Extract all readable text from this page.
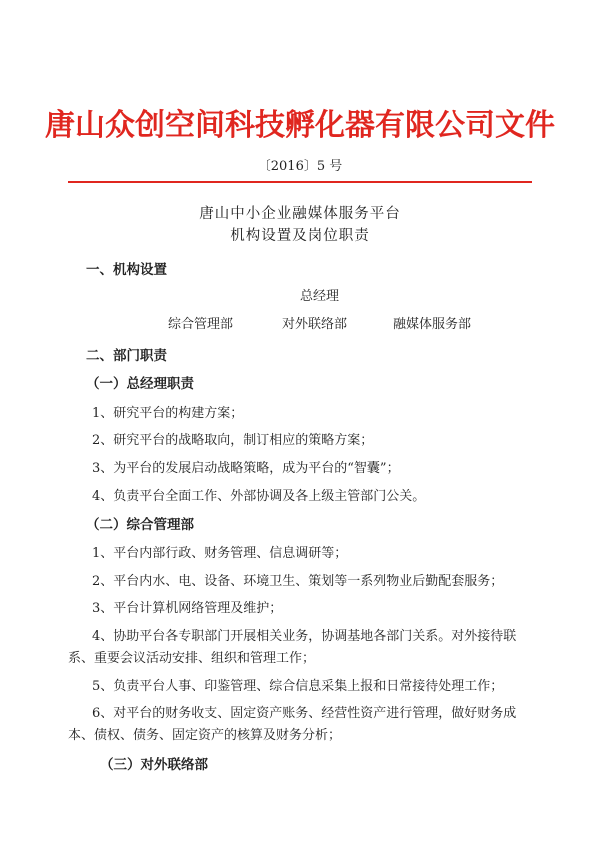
唐山众创空间科技孵化器有限公司文件
〔2016〕5 号
唐山中小企业融媒体服务平台
机构设置及岗位职责
一、机构设置
总经理
综合管理部	对外联络部	融媒体服务部
二、部门职责
（一）总经理职责
1、研究平台的构建方案；
2、研究平台的战略取向，制订相应的策略方案；
3、为平台的发展启动战略策略，成为平台的“智囊”；
4、负责平台全面工作、外部协调及各上级主管部门公关。
（二）综合管理部
1、平台内部行政、财务管理、信息调研等；
2、平台内水、电、设备、环境卫生、策划等一系列物业后勤配套服务；
3、平台计算机网络管理及维护；
4、协助平台各专职部门开展相关业务，协调基地各部门关系。对外接待联
系、重要会议活动安排、组织和管理工作；
5、负责平台人事、印鉴管理、综合信息采集上报和日常接待处理工作；
6、对平台的财务收支、固定资产账务、经营性资产进行管理，做好财务成
本、债权、债务、固定资产的核算及财务分析；
（三）对外联络部
